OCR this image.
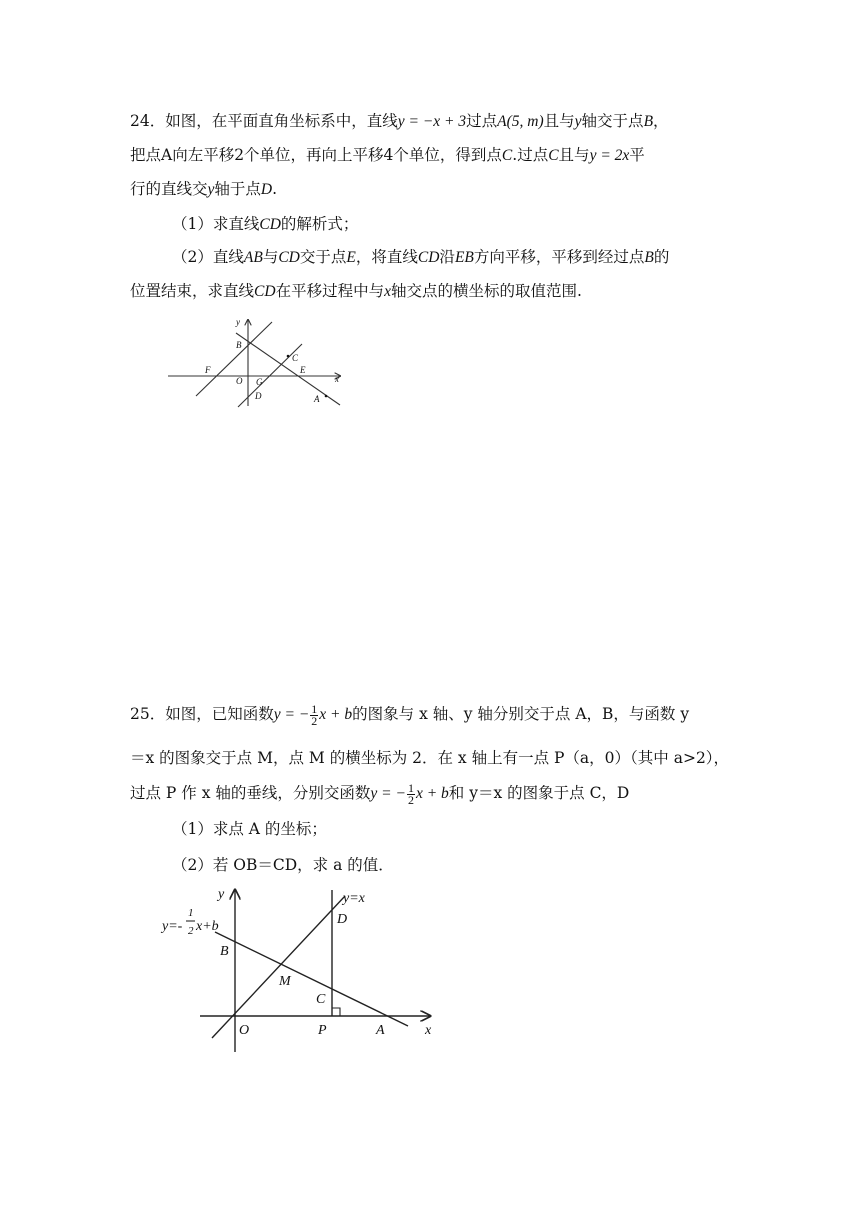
24．如图，在平面直角坐标系中，直线y = −x + 3过点A(5, m)且与y轴交于点B，
把点A向左平移2个单位，再向上平移4个单位，得到点C.过点C且与y = 2x平
行的直线交y轴于点D.
（1）求直线CD的解析式；
（2）直线AB与CD交于点E，将直线CD沿EB方向平移，平移到经过点B的
位置结束，求直线CD在平移过程中与x轴交点的横坐标的取值范围.
y
B
C
E
F
O G	x
D	A
25．如图，已知函数y = − $\frac{1}{2}$ x + b的图象与 x 轴、y 轴分别交于点 A，B，与函数 y
＝x 的图象交于点 M，点 M 的横坐标为 2．在 x 轴上有一点 P（a，0）（其中 a>2），
过点 P 作 x 轴的垂线，分别交函数y = − $\frac{1}{2}$ x + b和 y＝x 的图象于点 C，D
（1）求点 A 的坐标；
（2）若 OB＝CD，求 a 的值．
y	y=x
y=-
1
2 x+b
B
D
M
C
O	P	A	x
